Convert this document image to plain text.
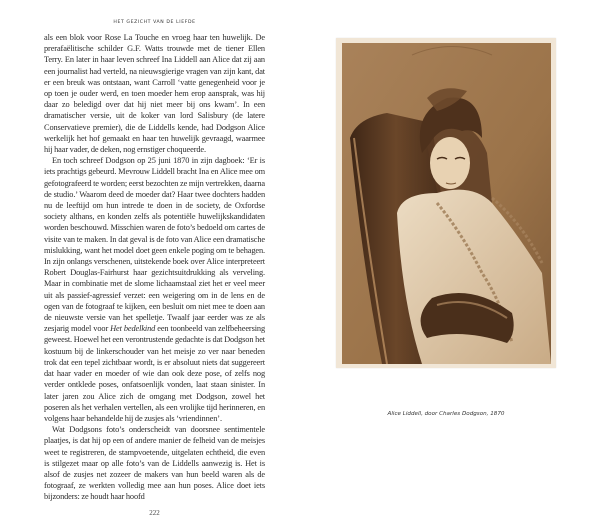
HET GEZICHT VAN DE LIEFDE

als een blok voor Rose La Touche en vroeg haar ten huwelijk. De prerafaëlitische schilder G.F. Watts trouwde met de tiener Ellen Terry. En later in haar leven schreef Ina Liddell aan Alice dat zij aan een journalist had verteld, na nieuwsgierige vragen van zijn kant, dat er een breuk was ontstaan, want Carroll ‘vatte genegenheid voor je op toen je ouder werd, en toen moeder hem erop aansprak, was hij daar zo beledigd over dat hij niet meer bij ons kwam’. In een dramatischer versie, uit de koker van lord Salisbury (de latere Conservatieve premier), die de Liddells kende, had Dodgson Alice werkelijk het hof gemaakt en haar ten huwelijk gevraagd, waarmee hij haar vader, de deken, nog ernstiger choqueerde.

En toch schreef Dodgson op 25 juni 1870 in zijn dagboek: ‘Er is iets prachtigs gebeurd. Mevrouw Liddell bracht Ina en Alice mee om gefotografeerd te worden; eerst bezochten ze mijn vertrekken, daarna de studio.’ Waarom deed de moeder dat? Haar twee dochters hadden nu de leeftijd om hun intrede te doen in de society, de Oxfordse society althans, en konden zelfs als potentiële huwelijkskandidaten worden beschouwd. Misschien waren de foto’s bedoeld om cartes de visite van te maken. In dat geval is de foto van Alice een dramatische mislukking, want het model doet geen enkele poging om te behagen. In zijn onlangs verschenen, uitstekende boek over Alice interpreteert Robert Douglas-Fairhurst haar gezichtsuitdrukking als verveling. Maar in combinatie met de slome lichaamstaal ziet het er veel meer uit als passief-agressief verzet: een weigering om in de lens en de ogen van de fotograaf te kijken, een besluit om niet mee te doen aan de nieuwste versie van het spelletje. Twaalf jaar eerder was ze als zesjarig model voor Het bedelkind een toonbeeld van zelfbeheersing geweest. Hoewel het een verontrustende gedachte is dat Dodgson het kostuum bij de linkerschouder van het meisje zo ver naar beneden trok dat een tepel zichtbaar wordt, is er absoluut niets dat suggereert dat haar vader en moeder of wie dan ook deze pose, of zelfs nog verder ontklede poses, onfatsoenlijk vonden, laat staan sinister. In later jaren zou Alice zich de omgang met Dodgson, zowel het poseren als het verhalen vertellen, als een vrolijke tijd herinneren, en volgens haar behandelde hij de zusjes als ‘vriendinnen’.

Wat Dodgsons foto’s onderscheidt van doorsnee sentimentele plaatjes, is dat hij op een of andere manier de felheid van de meisjes weet te registreren, de stampvoetende, uitgelaten echtheid, die even is stilgezet maar op alle foto’s van de Liddells aanwezig is. Het is alsof de zusjes net zozeer de makers van hun beeld waren als de fotograaf, ze werkten volledig mee aan hun poses. Alice doet iets bijzonders: ze houdt haar hoofd

222
Alice Liddell, door Charles Dodgson, 1870
